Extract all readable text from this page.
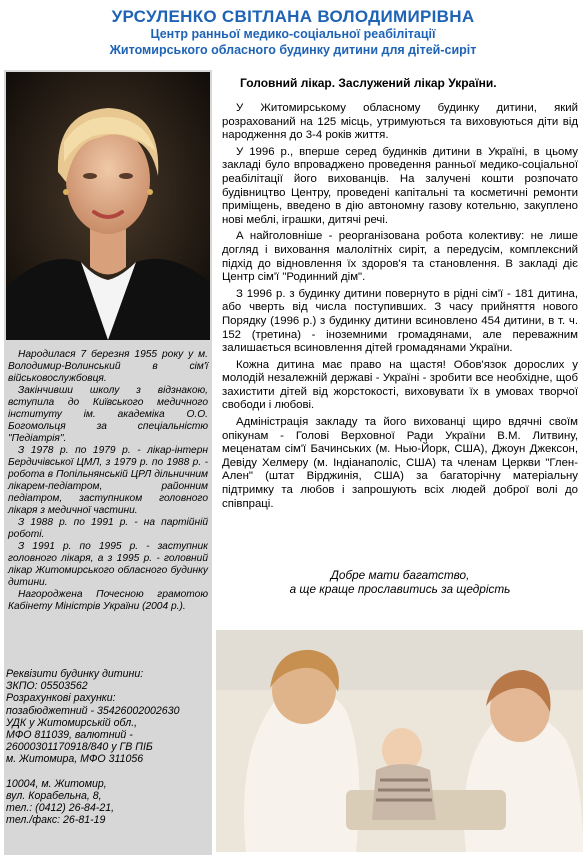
УРСУЛЕНКО СВІТЛАНА ВОЛОДИМИРІВНА
Центр ранньої медико-соціальної реабілітації
Житомирського обласного будинку дитини для дітей-сиріт

Народилася 7 березня 1955 року у м. Володимир-Волинський в сім'ї військовослужбовця.

Закінчивши школу з відзнакою, вступила до Київського медичного інституту ім. академіка О.О. Богомольця за спеціальністю "Педіатрія".

З 1978 р. по 1979 р. - лікар-інтерн Бердичівської ЦМЛ, з 1979 р. по 1988 р. - робота в Попільнянській ЦРЛ дільничним лікарем-педіатром, районним педіатром, заступником головного лікаря з медичної частини.

З 1988 р. по 1991 р. - на партійній роботі.

З 1991 р. по 1995 р. - заступник головного лікаря, а з 1995 р. - головний лікар Житомирського обласного будинку дитини.

Нагороджена Почесною грамотою Кабінету Міністрів України (2004 р.).

Реквізити будинку дитини:
ЗКПО: 05503562
Розрахункові рахунки:
позабюджетний - 35426002002630
УДК у Житомирській обл.,
МФО 811039, валютний -
26000301170918/840 у ГВ ПІБ
м. Житомира, МФО 311056
10004, м. Житомир,
вул. Корабельна, 8,
тел.: (0412) 26-84-21,
тел./факс: 26-81-19
Головний лікар. Заслужений лікар України.

У Житомирському обласному будинку дитини, який розрахований на 125 місць, утримуються та виховуються діти від народження до 3-4 років життя.

У 1996 р., вперше серед будинків дитини в Україні, в цьому закладі було впроваджено проведення ранньої медико-соціальної реабілітації його вихованців. На залучені кошти розпочато будівництво Центру, проведені капітальні та косметичні ремонти приміщень, введено в дію автономну газову котельню, закуплено нові меблі, іграшки, дитячі речі.

А найголовніше - реорганізована робота колективу: не лише догляд і виховання малолітніх сиріт, а передусім, комплексний підхід до відновлення їх здоров'я та становлення. В закладі діє Центр сім'ї "Родинний дім".

З 1996 р. з будинку дитини повернуто в рідні сім'ї - 181 дитина, або чверть від числа поступивших. З часу прийняття нового Порядку (1996 р.) з будинку дитини всиновлено 454 дитини, в т. ч. 152 (третина) - іноземними громадянами, але переважним залишається всиновлення дітей громадянами України.

Кожна дитина має право на щастя! Обов'язок дорослих у молодій незалежній державі - Україні - зробити все необхідне, щоб захистити дітей від жорстокості, виховувати їх в умовах творчої свободи і любові.

Адміністрація закладу та його вихованці щиро вдячні своїм опікунам - Голові Верховної Ради України В.М. Литвину, меценатам сім'ї Бачинських (м. Нью-Йорк, США), Джоун Джексон, Девіду Хелмеру (м. Індіанаполіс, США) та членам Церкви "Глен-Ален" (штат Вірджинія, США) за багаторічну матеріальну підтримку та любов і запрошують всіх людей доброї волі до співпраці.

Добре мати багатство,
а ще краще прославитись за щедрість
